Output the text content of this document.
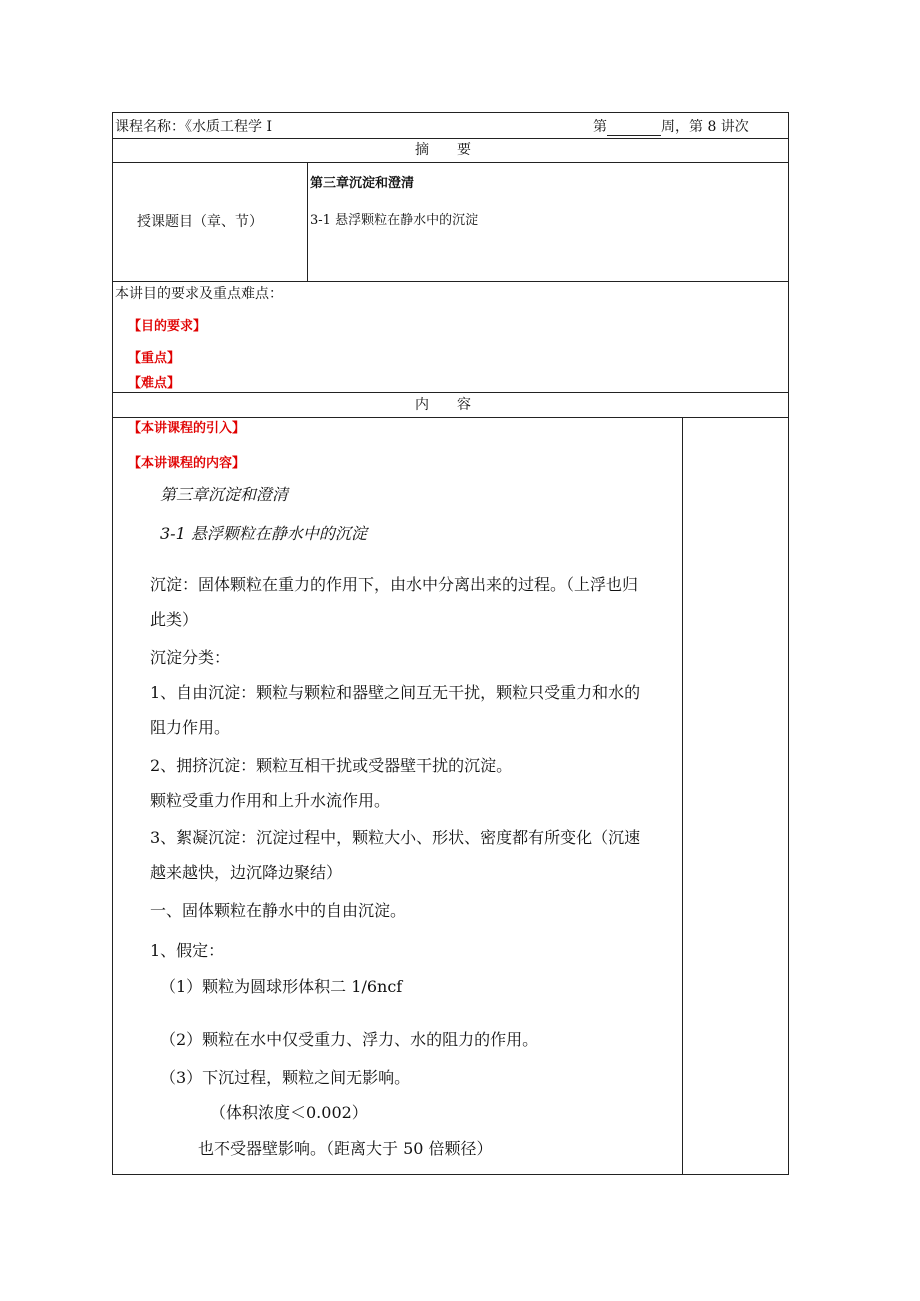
课程名称：《水质工程学 I	第	周，第 8 讲次
摘　　要
授课题目（章、节）
第三章沉淀和澄清
3-1 悬浮颗粒在静水中的沉淀
本讲目的要求及重点难点：
【目的要求】
【重点】
【难点】
内　　容
【本讲课程的引入】
【本讲课程的内容】
第三章沉淀和澄清
3-1 悬浮颗粒在静水中的沉淀
沉淀：固体颗粒在重力的作用下，由水中分离出来的过程。（上浮也归
此类）
沉淀分类：
1、自由沉淀：颗粒与颗粒和器壁之间互无干扰，颗粒只受重力和水的
阻力作用。
2、拥挤沉淀：颗粒互相干扰或受器壁干扰的沉淀。
颗粒受重力作用和上升水流作用。
3、絮凝沉淀：沉淀过程中，颗粒大小、形状、密度都有所变化（沉速
越来越快，边沉降边聚结）
一、固体颗粒在静水中的自由沉淀。
1、假定：
（1）颗粒为圆球形体积二 1/6ncf
（2）颗粒在水中仅受重力、浮力、水的阻力的作用。
（3）下沉过程，颗粒之间无影响。
（体积浓度＜0.002）
也不受器壁影响。（距离大于 50 倍颗径）
